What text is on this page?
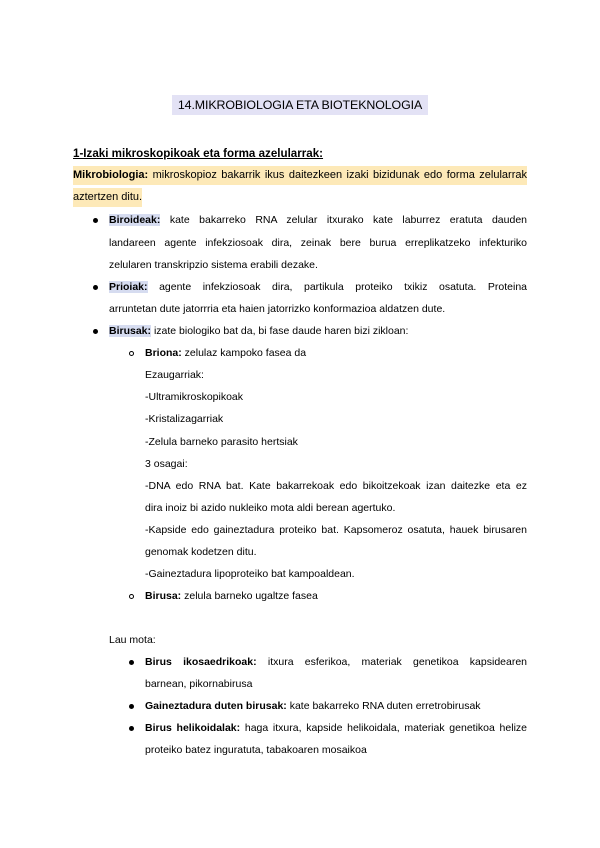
14.MIKROBIOLOGIA ETA BIOTEKNOLOGIA
1-Izaki mikroskopikoak eta forma azelularrak:
Mikrobiologia: mikroskopioz bakarrik ikus daitezkeen izaki bizidunak edo forma zelularrak
aztertzen ditu.
Biroideak: kate bakarreko RNA zelular itxurako kate laburrez eratuta dauden
landareen agente infekziosoak dira, zeinak bere burua erreplikatzeko infekturiko
zelularen transkripzio sistema erabili dezake.
Prioiak: agente infekziosoak dira, partikula proteiko txikiz osatuta. Proteina
arruntetan dute jatorrria eta haien jatorrizko konformazioa aldatzen dute.
Birusak: izate biologiko bat da, bi fase daude haren bizi zikloan:
Briona: zelulaz kampoko fasea da
Ezaugarriak:
-Ultramikroskopikoak
-Kristalizagarriak
-Zelula barneko parasito hertsiak
3 osagai:
-DNA edo RNA bat. Kate bakarrekoak edo bikoitzekoak izan daitezke eta ez
dira inoiz bi azido nukleiko mota aldi berean agertuko.
-Kapside edo gaineztadura proteiko bat. Kapsomeroz osatuta, hauek birusaren
genomak kodetzen ditu.
-Gaineztadura lipoproteiko bat kampoaldean.
Birusa: zelula barneko ugaltze fasea
Lau mota:
Birus ikosaedrikoak: itxura esferikoa, materiak genetikoa kapsidearen
barnean, pikornabirusa
Gaineztadura duten birusak: kate bakarreko RNA duten erretrobirusak
Birus helikoidalak: haga itxura, kapside helikoidala, materiak genetikoa helize
proteiko batez inguratuta, tabakoaren mosaikoa
